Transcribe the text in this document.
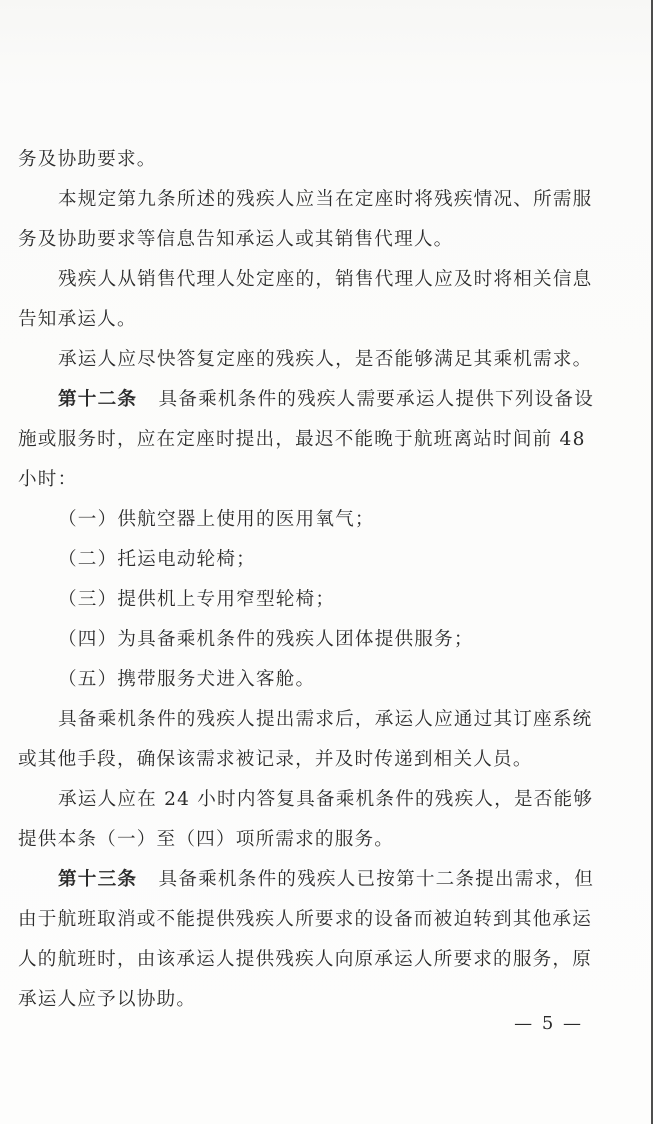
务及协助要求。

本规定第九条所述的残疾人应当在定座时将残疾情况、所需服务及协助要求等信息告知承运人或其销售代理人。

残疾人从销售代理人处定座的，销售代理人应及时将相关信息告知承运人。

承运人应尽快答复定座的残疾人，是否能够满足其乘机需求。

第十二条 具备乘机条件的残疾人需要承运人提供下列设备设施或服务时，应在定座时提出，最迟不能晚于航班离站时间前 48 小时：

（一）供航空器上使用的医用氧气；
（二）托运电动轮椅；
（三）提供机上专用窄型轮椅；
（四）为具备乘机条件的残疾人团体提供服务；
（五）携带服务犬进入客舱。

具备乘机条件的残疾人提出需求后，承运人应通过其订座系统或其他手段，确保该需求被记录，并及时传递到相关人员。

承运人应在 24 小时内答复具备乘机条件的残疾人，是否能够提供本条（一）至（四）项所需求的服务。

第十三条 具备乘机条件的残疾人已按第十二条提出需求，但由于航班取消或不能提供残疾人所要求的设备而被迫转到其他承运人的航班时，由该承运人提供残疾人向原承运人所要求的服务，原承运人应予以协助。

— 5 —
